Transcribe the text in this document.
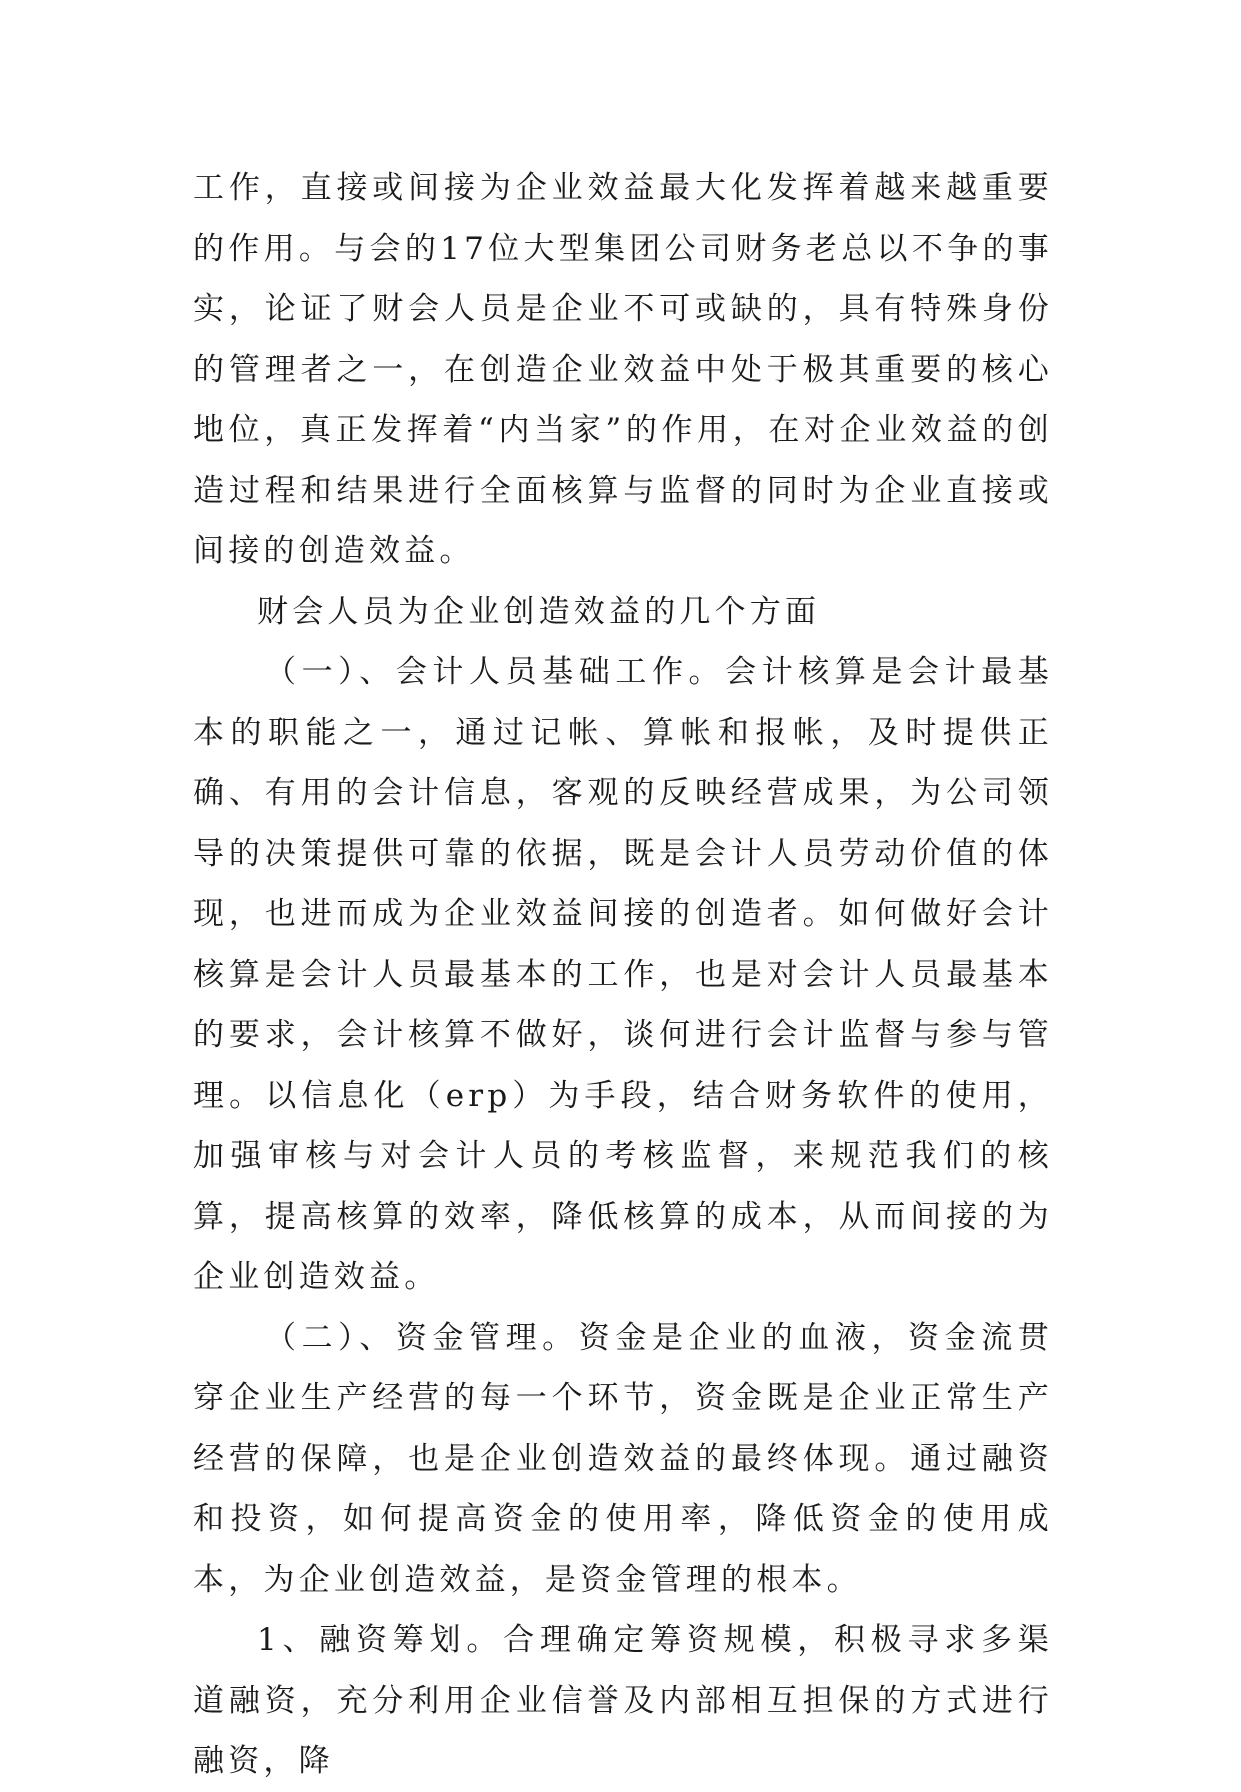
工作，直接或间接为企业效益最大化发挥着越来越重要的作用。与会的17位大型集团公司财务老总以不争的事实，论证了财会人员是企业不可或缺的，具有特殊身份的管理者之一，在创造企业效益中处于极其重要的核心地位，真正发挥着“内当家”的作用，在对企业效益的创造过程和结果进行全面核算与监督的同时为企业直接或间接的创造效益。

财会人员为企业创造效益的几个方面

（一）、会计人员基础工作。会计核算是会计最基本的职能之一，通过记帐、算帐和报帐，及时提供正确、有用的会计信息，客观的反映经营成果，为公司领导的决策提供可靠的依据，既是会计人员劳动价值的体现，也进而成为企业效益间接的创造者。如何做好会计核算是会计人员最基本的工作，也是对会计人员最基本的要求，会计核算不做好，谈何进行会计监督与参与管理。以信息化（erp）为手段，结合财务软件的使用，加强审核与对会计人员的考核监督，来规范我们的核算，提高核算的效率，降低核算的成本，从而间接的为企业创造效益。

（二）、资金管理。资金是企业的血液，资金流贯穿企业生产经营的每一个环节，资金既是企业正常生产经营的保障，也是企业创造效益的最终体现。通过融资和投资，如何提高资金的使用率，降低资金的使用成本，为企业创造效益，是资金管理的根本。

1、融资筹划。合理确定筹资规模，积极寻求多渠道融资，充分利用企业信誉及内部相互担保的方式进行融资，降
